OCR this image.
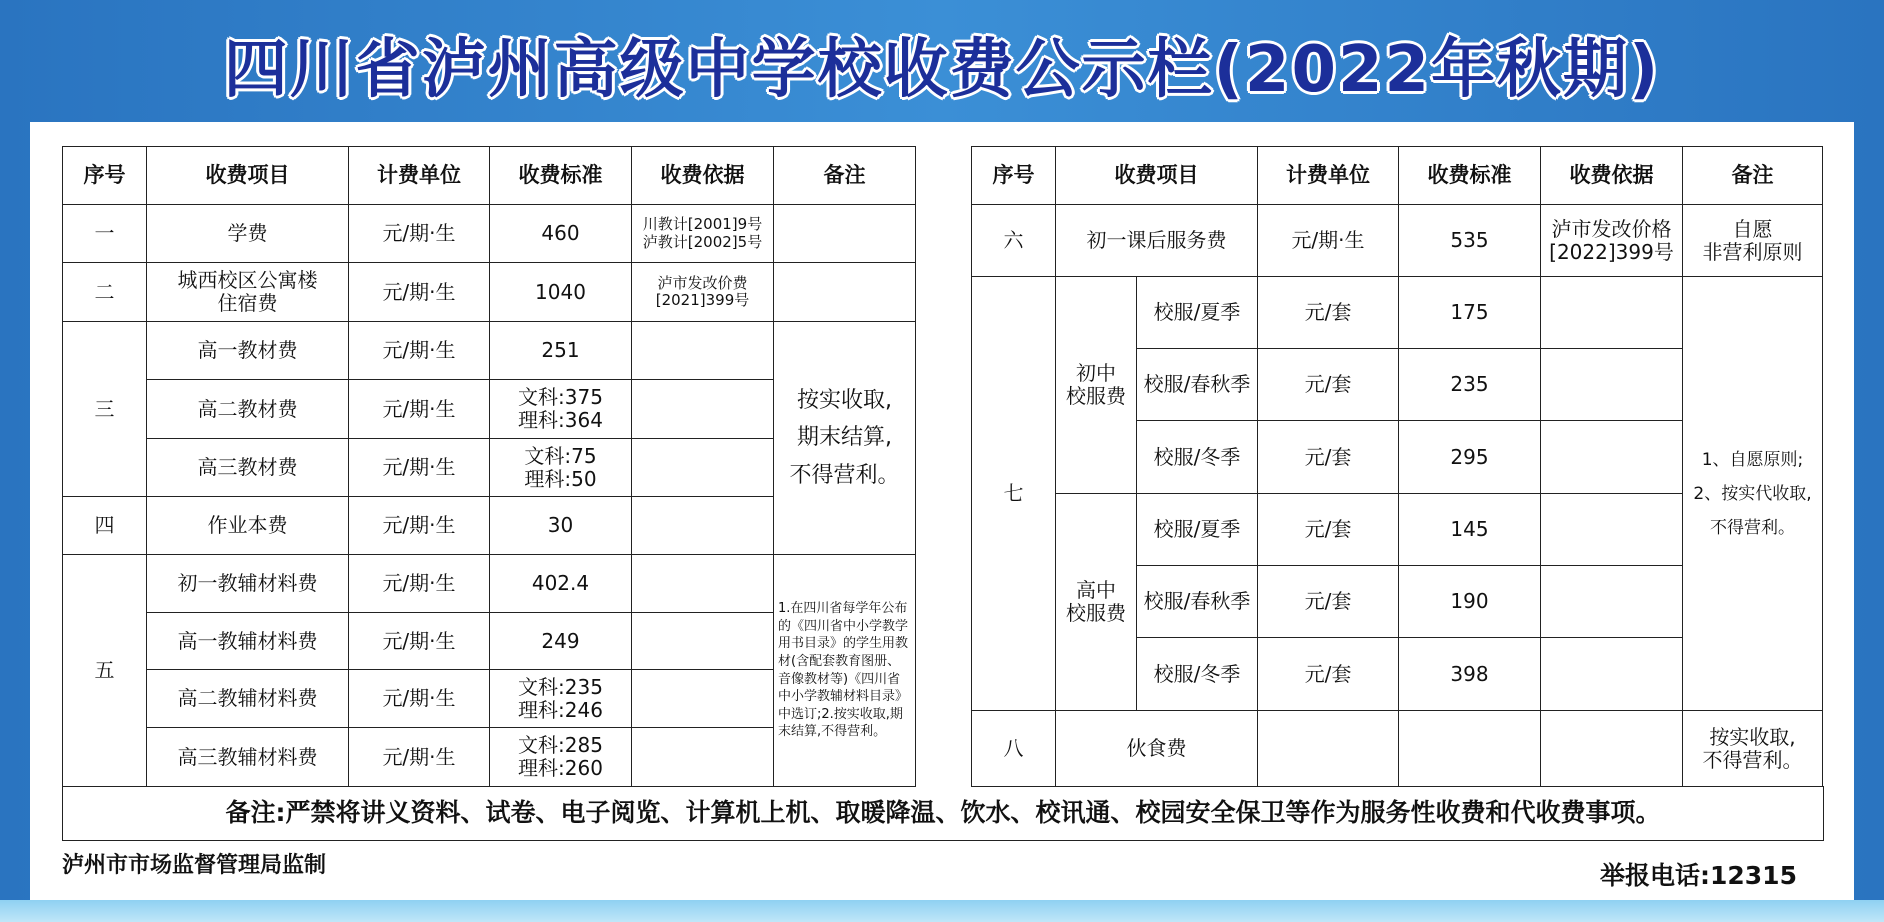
四川省泸州高级中学校收费公示栏(2022年秋期)
序号	收费项目	计费单位	收费标准	收费依据	备注
一	学费	元/期·生	460	川教计[2001]9号
泸教计[2002]5号	

二	城西校区公寓楼
住宿费	元/期·生	1040	泸市发改价费
[2021]399号	

三	高一教材费	元/期·生	251		按实收取,
期末结算,
不得营利。

	高二教材费	元/期·生	文科:375
理科:364		

	高三教材费	元/期·生	文科:75
理科:50		

四	作业本费	元/期·生	30		
五	初一教辅材料费	元/期·生	402.4		1.在四川省每学年公布的《四川省中小学教学用书目录》的学生用教材(含配套教育图册、音像教材等)《四川省中小学教辅材料目录》中选订;2.按实收取,期末结算,不得营利。
	高一教辅材料费	元/期·生	249		
	高二教辅材料费	元/期·生	文科:235
理科:246		

	高三教辅材料费	元/期·生	文科:285
理科:260		

序号	收费项目		计费单位	收费标准	收费依据	备注
六	初一课后服务费		元/期·生	535	泸市发改价格
[2022]399号	自愿
非营利原则

七	初中
校服费	校服/夏季	元/套	175		1、自愿原则;
2、按实代收取,
不得营利。

		校服/春秋季	元/套	235		
		校服/冬季	元/套	295		

	高中
校服费	校服/夏季	元/套	145		
		校服/春秋季	元/套	190		
		校服/冬季	元/套	398		
八	伙食费					按实收取,
不得营利。
备注:严禁将讲义资料、试卷、电子阅览、计算机上机、取暖降温、饮水、校讯通、校园安全保卫等作为服务性收费和代收费事项。
泸州市市场监督管理局监制	举报电话:12315
